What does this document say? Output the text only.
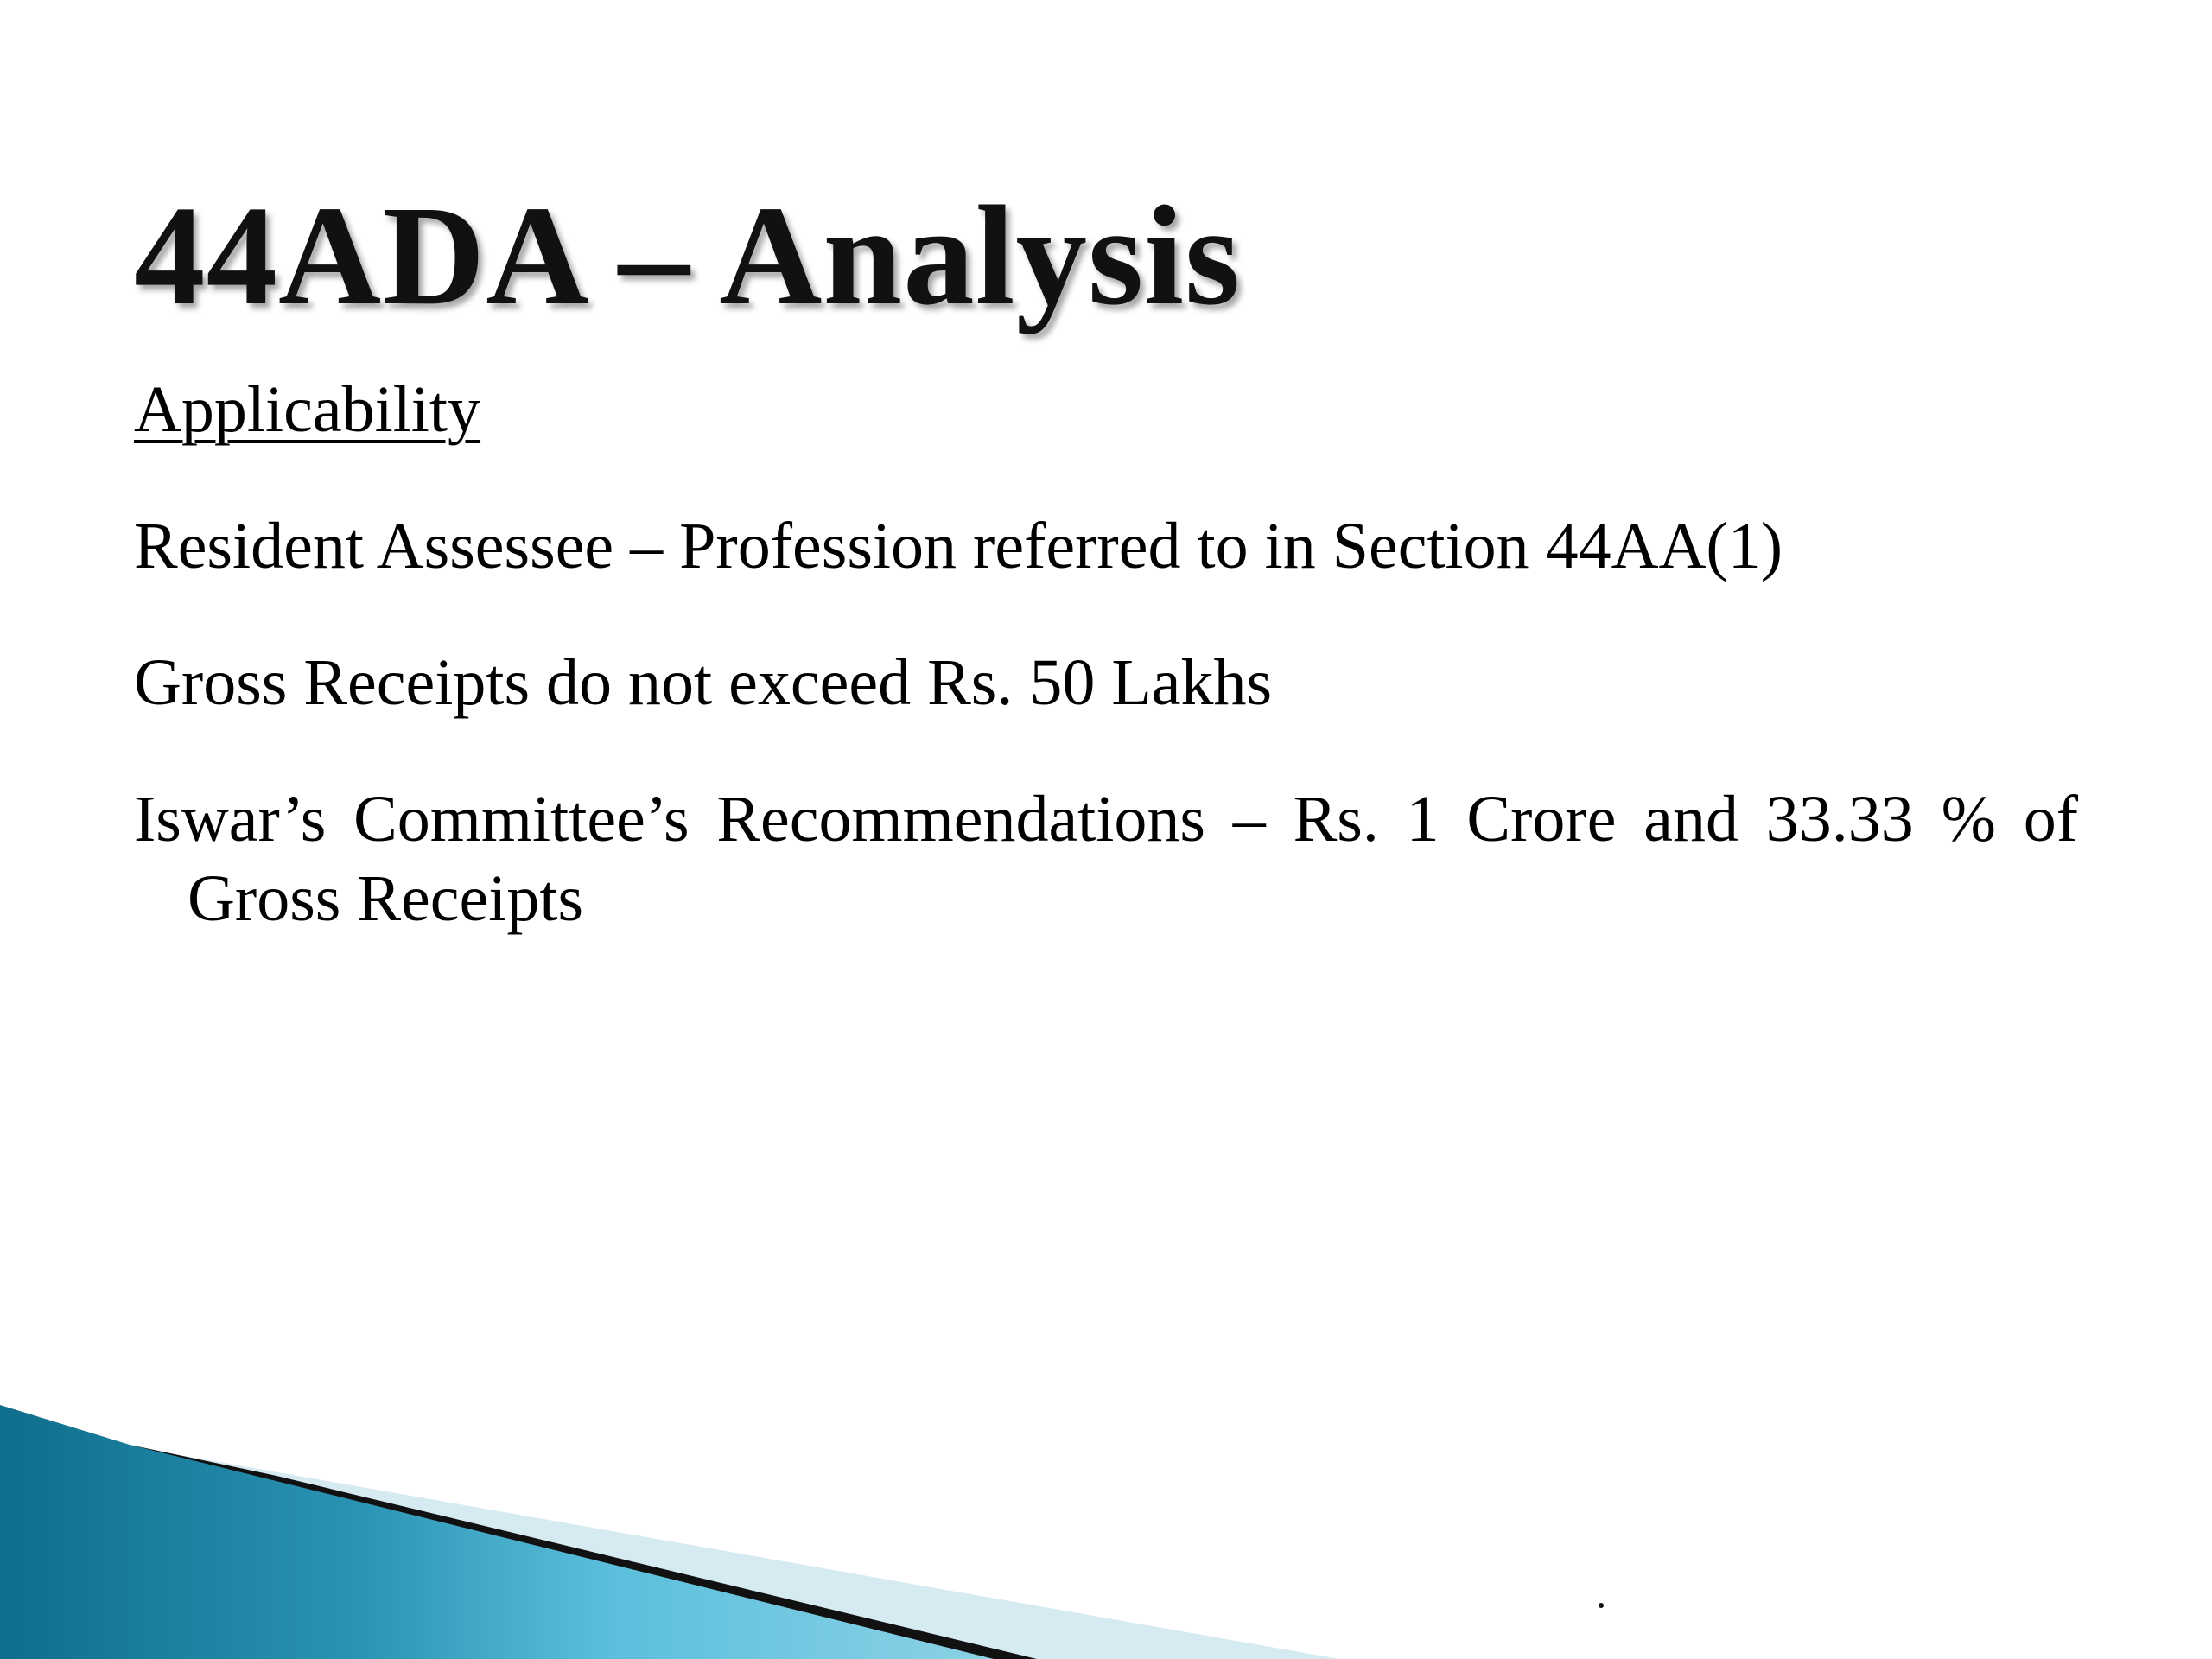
44ADA – Analysis

Applicability

Resident Assessee – Profession referred to in Section 44AA(1)

Gross Receipts do not exceed Rs. 50 Lakhs

Iswar’s Committee’s Recommendations – Rs. 1 Crore and 33.33 % of Gross Receipts
